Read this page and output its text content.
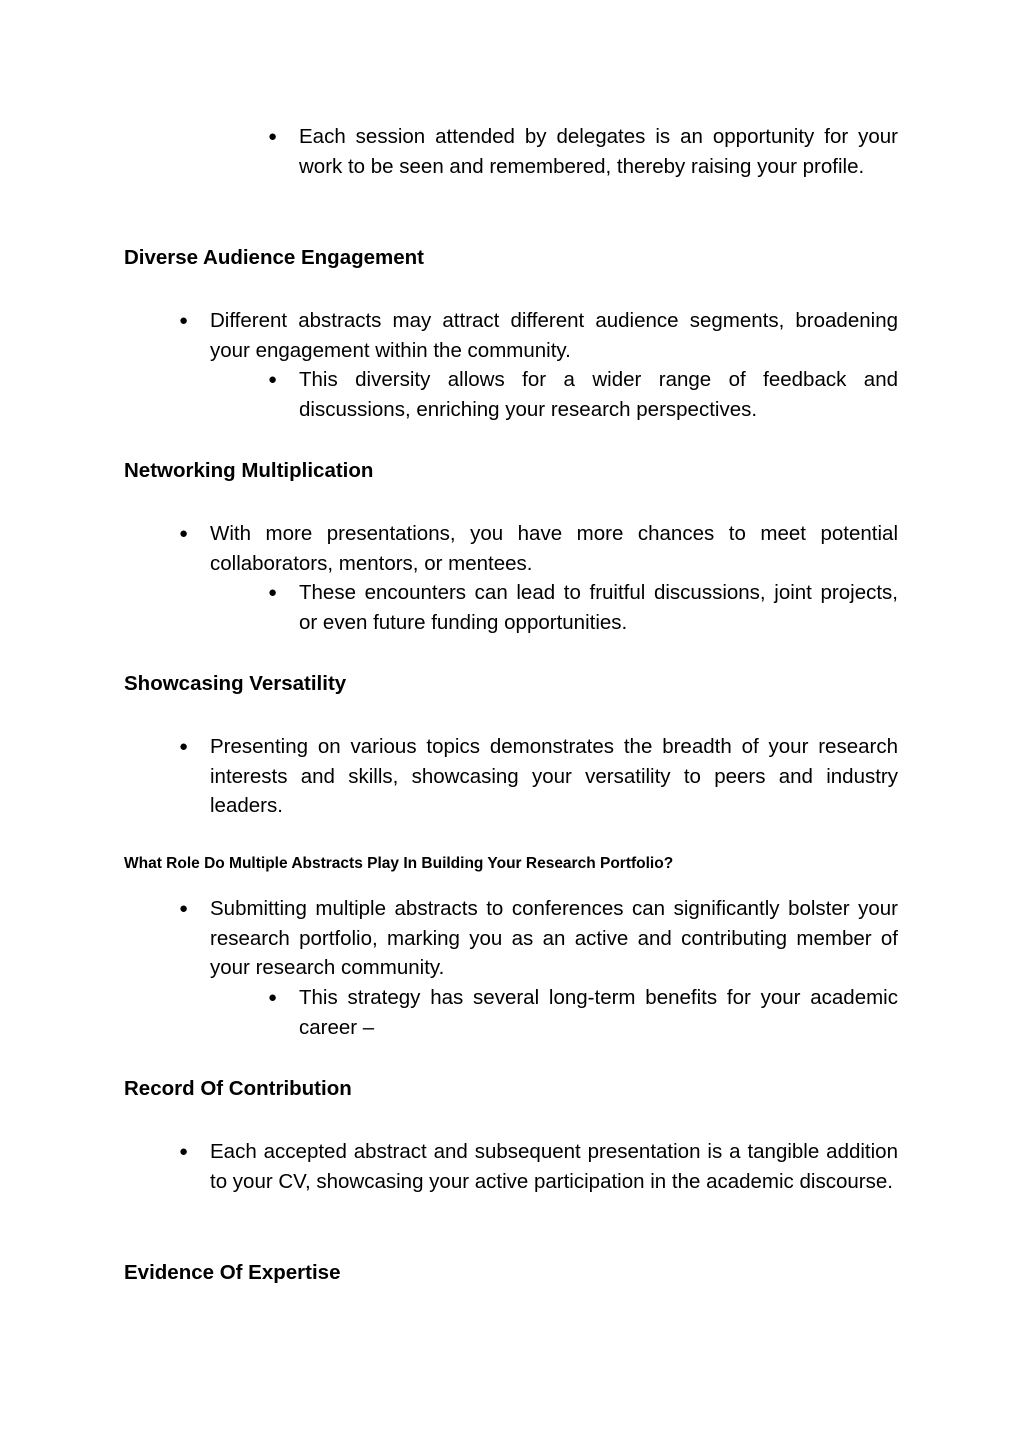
● Each session attended by delegates is an opportunity for your work to be seen and remembered, thereby raising your profile.
Diverse Audience Engagement
● Different abstracts may attract different audience segments, broadening your engagement within the community.
● This diversity allows for a wider range of feedback and discussions, enriching your research perspectives.
Networking Multiplication
● With more presentations, you have more chances to meet potential collaborators, mentors, or mentees.
● These encounters can lead to fruitful discussions, joint projects, or even future funding opportunities.
Showcasing Versatility
● Presenting on various topics demonstrates the breadth of your research interests and skills, showcasing your versatility to peers and industry leaders.
What Role Do Multiple Abstracts Play In Building Your Research Portfolio?
● Submitting multiple abstracts to conferences can significantly bolster your research portfolio, marking you as an active and contributing member of your research community.
● This strategy has several long-term benefits for your academic career –
Record Of Contribution
● Each accepted abstract and subsequent presentation is a tangible addition to your CV, showcasing your active participation in the academic discourse.
Evidence Of Expertise
